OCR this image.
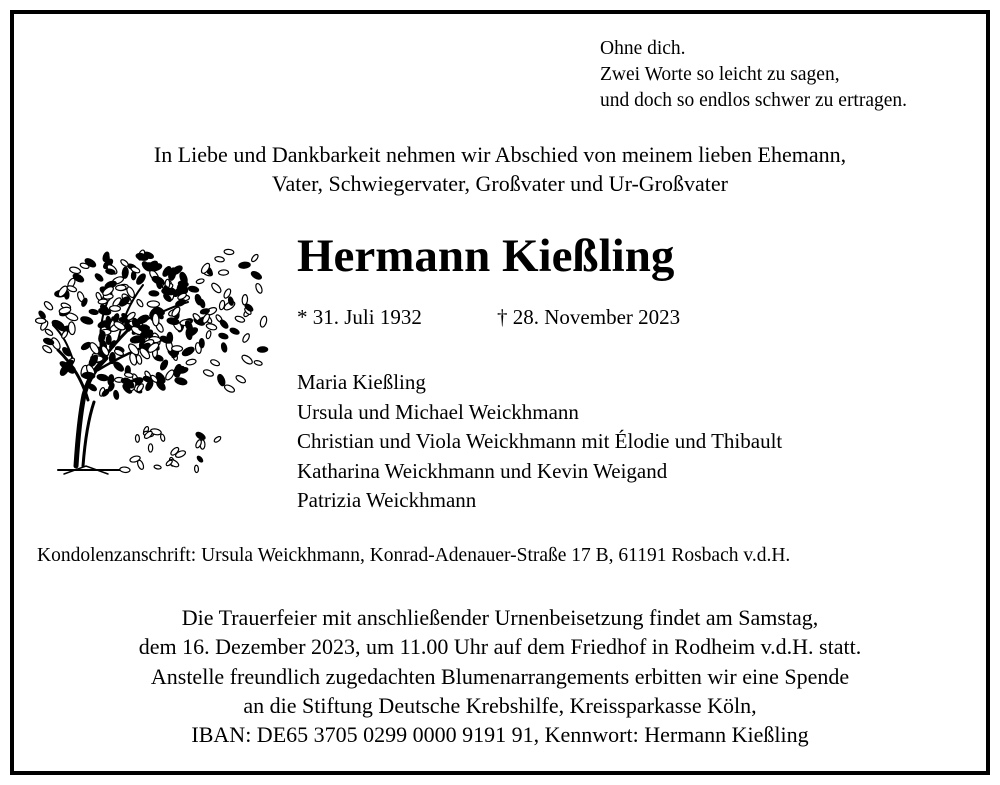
Ohne dich.
Zwei Worte so leicht zu sagen,
und doch so endlos schwer zu ertragen.
In Liebe und Dankbarkeit nehmen wir Abschied von meinem lieben Ehemann,
Vater, Schwiegervater, Großvater und Ur-Großvater
Hermann Kießling
* 31. Juli 1932	† 28. November 2023
Maria Kießling
Ursula und Michael Weickhmann
Christian und Viola Weickhmann mit Élodie und Thibault
Katharina Weickhmann und Kevin Weigand
Patrizia Weickhmann
Kondolenzanschrift: Ursula Weickhmann, Konrad-Adenauer-Straße 17 B, 61191 Rosbach v.d.H.
Die Trauerfeier mit anschließender Urnenbeisetzung findet am Samstag,
dem 16. Dezember 2023, um 11.00 Uhr auf dem Friedhof in Rodheim v.d.H. statt.
Anstelle freundlich zugedachten Blumenarrangements erbitten wir eine Spende
an die Stiftung Deutsche Krebshilfe, Kreissparkasse Köln,
IBAN: DE65 3705 0299 0000 9191 91, Kennwort: Hermann Kießling
